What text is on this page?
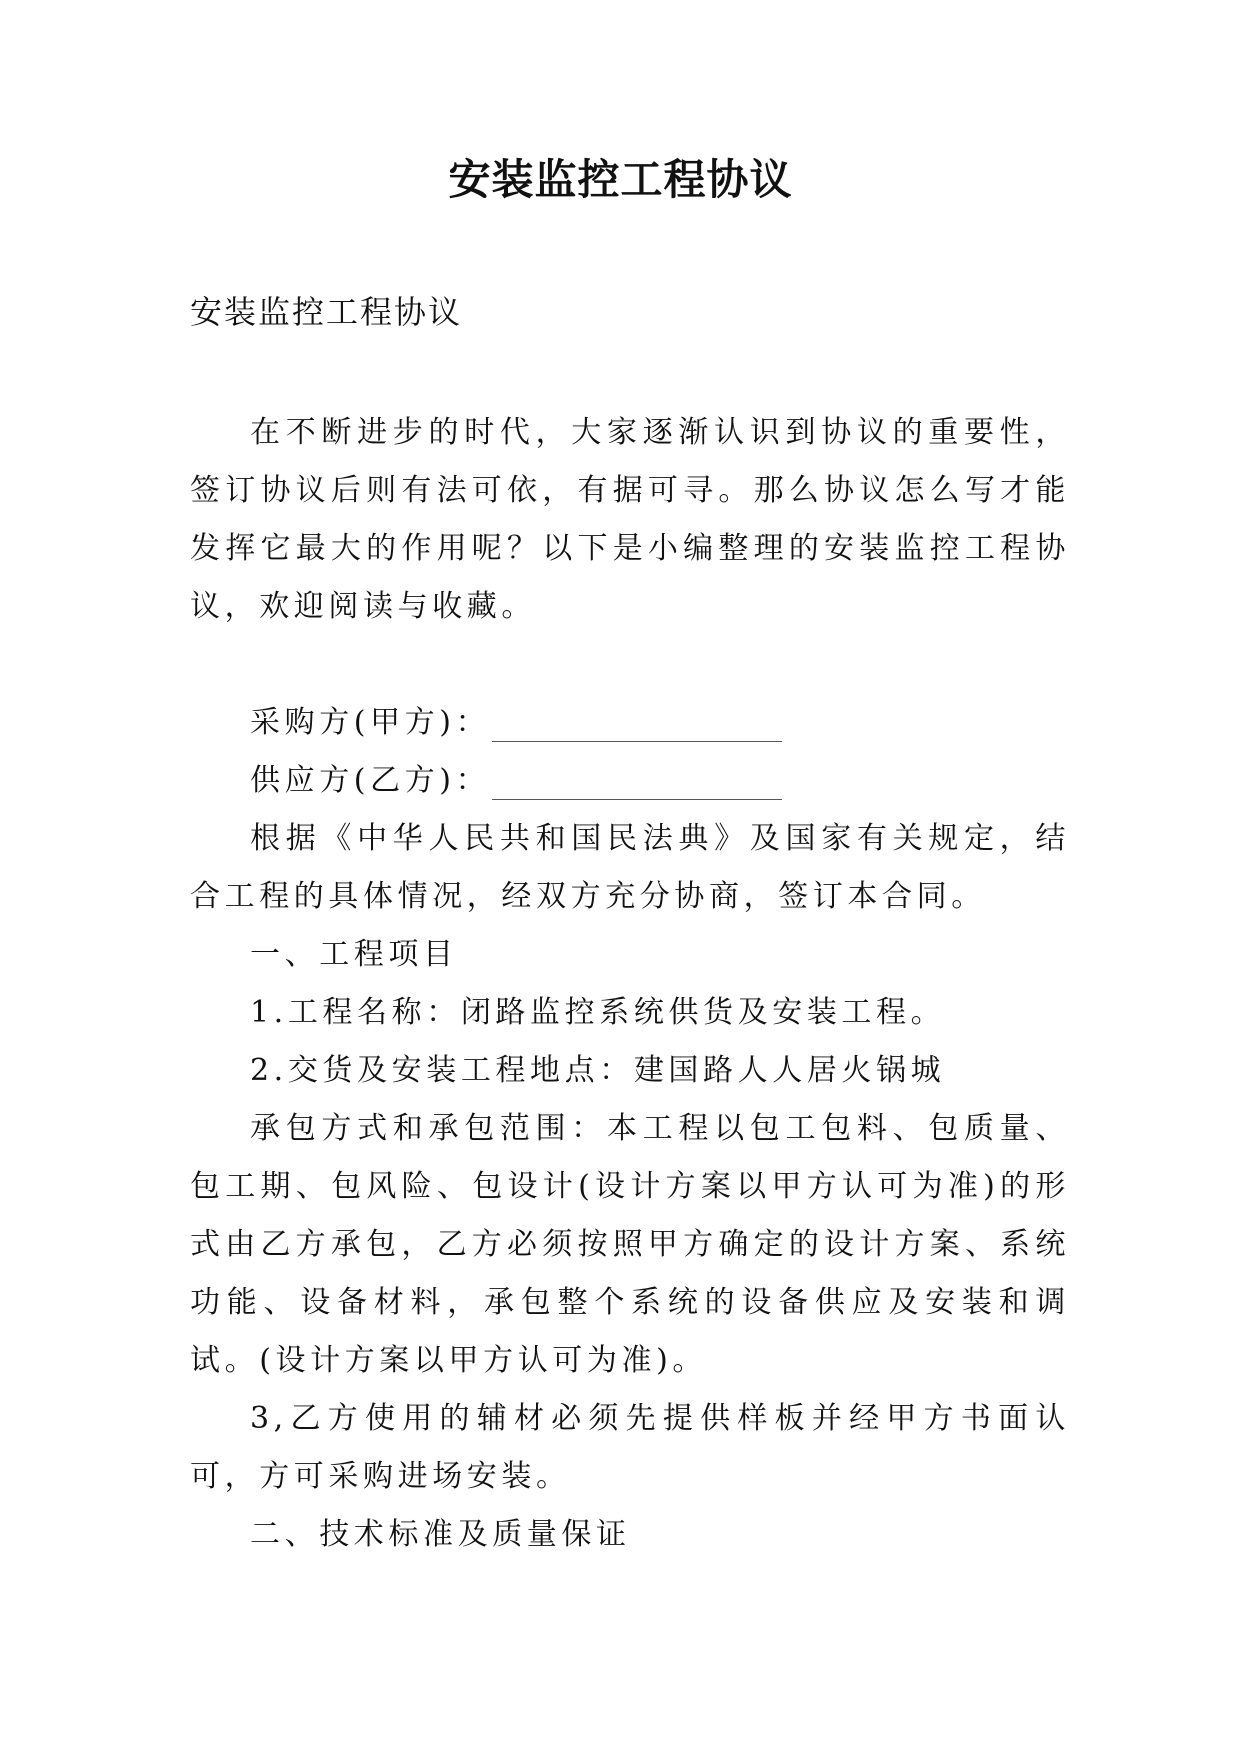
安装监控工程协议
安装监控工程协议

在不断进步的时代，大家逐渐认识到协议的重要性，签订协议后则有法可依，有据可寻。那么协议怎么写才能发挥它最大的作用呢？以下是小编整理的安装监控工程协议，欢迎阅读与收藏。

采购方(甲方)：

供应方(乙方)：

根据《中华人民共和国民法典》及国家有关规定，结合工程的具体情况，经双方充分协商，签订本合同。

一、工程项目

1.工程名称：闭路监控系统供货及安装工程。

2.交货及安装工程地点：建国路人人居火锅城

承包方式和承包范围：本工程以包工包料、包质量、包工期、包风险、包设计(设计方案以甲方认可为准)的形式由乙方承包，乙方必须按照甲方确定的设计方案、系统功能、设备材料，承包整个系统的设备供应及安装和调试。(设计方案以甲方认可为准)。

3,乙方使用的辅材必须先提供样板并经甲方书面认可，方可采购进场安装。

二、技术标准及质量保证
